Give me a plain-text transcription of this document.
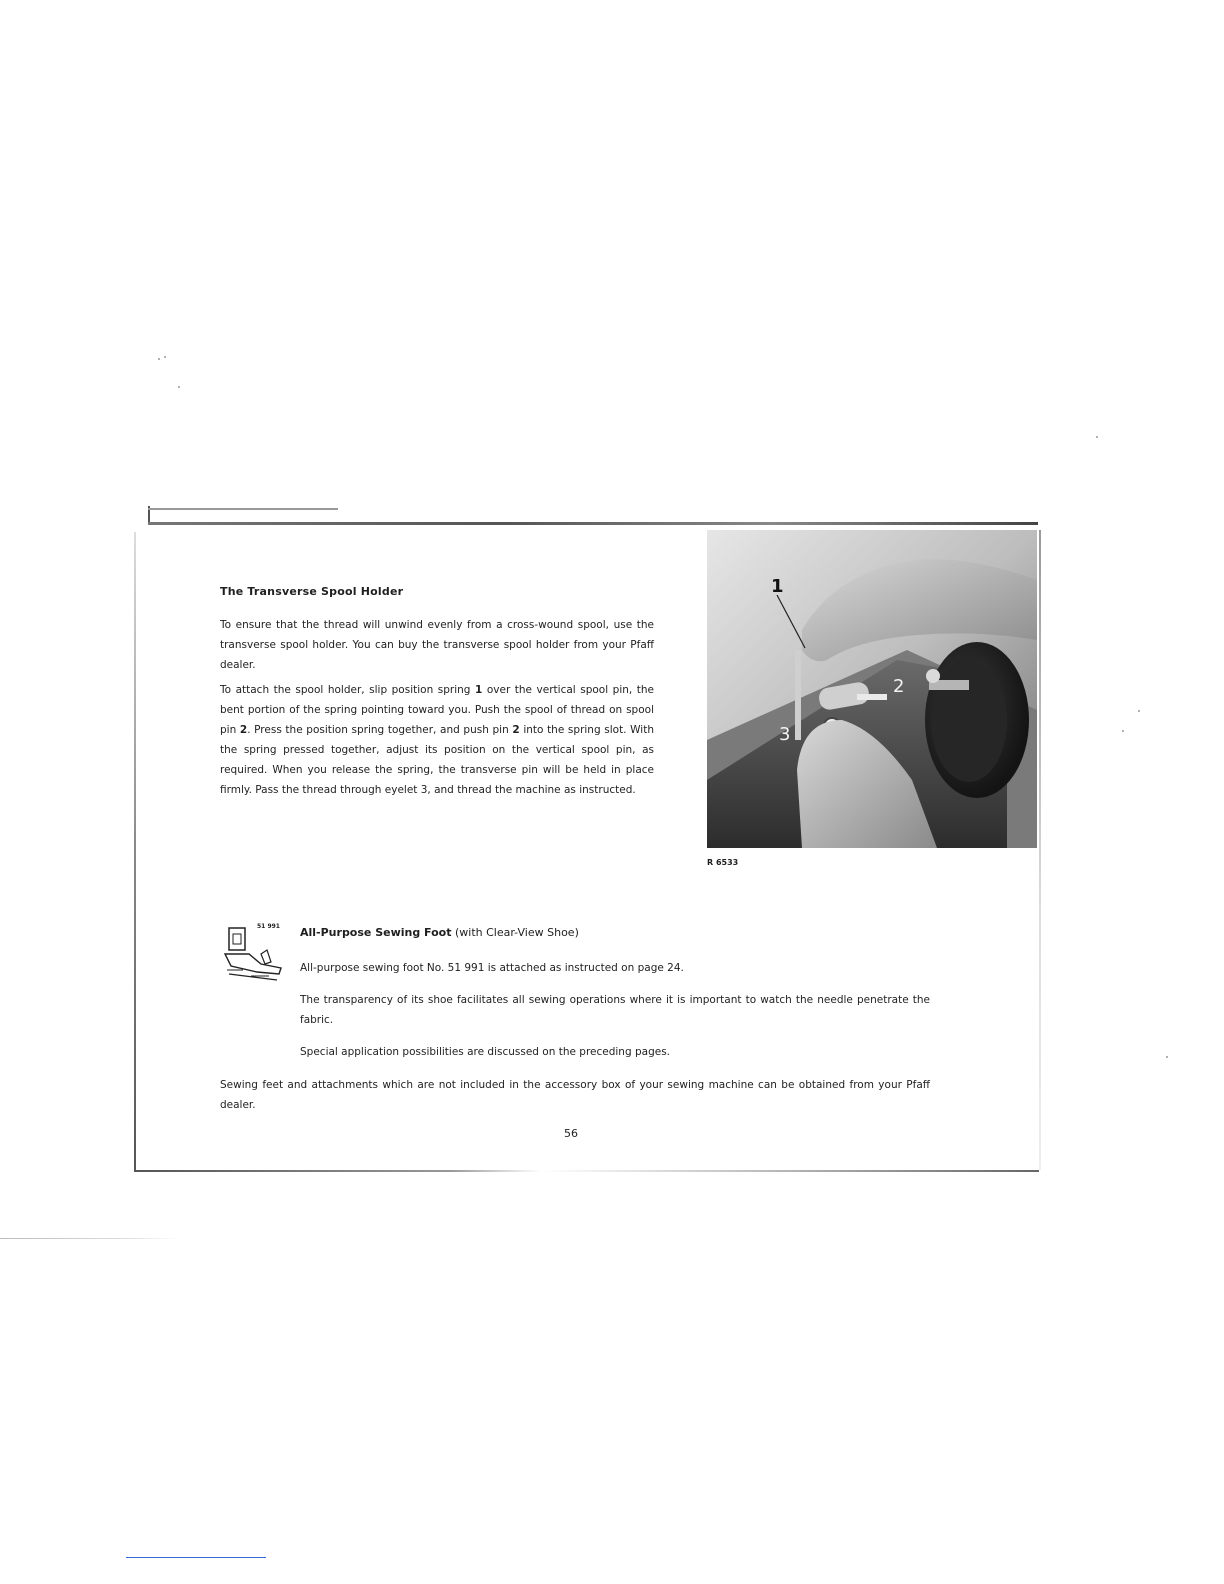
The Transverse Spool Holder

To ensure that the thread will unwind evenly from a cross-wound spool, use the transverse spool holder. You can buy the transverse spool holder from your Pfaff dealer.

To attach the spool holder, slip position spring 1 over the vertical spool pin, the bent portion of the spring pointing toward you. Push the spool of thread on spool pin 2. Press the position spring together, and push pin 2 into the spring slot. With the spring pressed together, adjust its position on the vertical spool pin, as required. When you release the spring, the transverse pin will be held in place firmly. Pass the thread through eyelet 3, and thread the machine as instructed.

1
2
3
R 6533
51 991 All-Purpose Sewing Foot (with Clear-View Shoe)

All-purpose sewing foot No. 51 991 is attached as instructed on page 24.

The transparency of its shoe facilitates all sewing operations where it is important to watch the needle penetrate the fabric.

Special application possibilities are discussed on the preceding pages.

Sewing feet and attachments which are not included in the accessory box of your sewing machine can be obtained from your Pfaff dealer.

56
